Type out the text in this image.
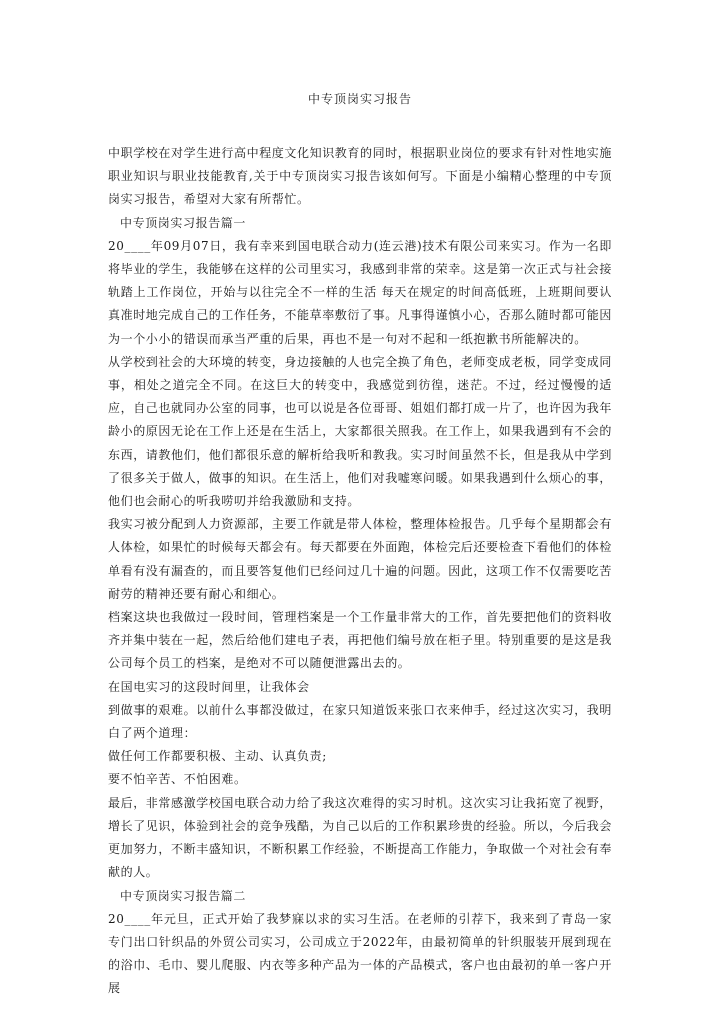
中专顶岗实习报告

中职学校在对学生进行高中程度文化知识教育的同时，根据职业岗位的要求有针对性地实施职业知识与职业技能教育,关于中专顶岗实习报告该如何写。下面是小编精心整理的中专顶岗实习报告，希望对大家有所帮忙。

中专顶岗实习报告篇一

20____年09月07日，我有幸来到国电联合动力(连云港)技术有限公司来实习。作为一名即将毕业的学生，我能够在这样的公司里实习，我感到非常的荣幸。这是第一次正式与社会接轨踏上工作岗位，开始与以往完全不一样的生活 每天在规定的时间高低班，上班期间要认真准时地完成自己的工作任务，不能草率敷衍了事。凡事得谨慎小心，否那么随时都可能因为一个小小的错误而承当严重的后果，再也不是一句对不起和一纸抱歉书所能解决的。

从学校到社会的大环境的转变，身边接触的人也完全换了角色，老师变成老板，同学变成同事，相处之道完全不同。在这巨大的转变中，我感觉到彷徨，迷茫。不过，经过慢慢的适应，自己也就同办公室的同事，也可以说是各位哥哥、姐姐们都打成一片了，也许因为我年龄小的原因无论在工作上还是在生活上，大家都很关照我。在工作上，如果我遇到有不会的东西，请教他们，他们都很乐意的解析给我听和教我。实习时间虽然不长，但是我从中学到了很多关于做人，做事的知识。在生活上，他们对我嘘寒问暖。如果我遇到什么烦心的事，他们也会耐心的听我唠叨并给我激励和支持。

我实习被分配到人力资源部，主要工作就是带人体检，整理体检报告。几乎每个星期都会有人体检，如果忙的时候每天都会有。每天都要在外面跑，体检完后还要检查下看他们的体检单看有没有漏查的，而且要答复他们已经问过几十遍的问题。因此，这项工作不仅需要吃苦耐劳的精神还要有耐心和细心。

档案这块也我做过一段时间，管理档案是一个工作量非常大的工作，首先要把他们的资料收齐并集中装在一起，然后给他们建电子表，再把他们编号放在柜子里。特别重要的是这是我公司每个员工的档案，是绝对不可以随便泄露出去的。

在国电实习的这段时间里，让我体会

到做事的艰难。以前什么事都没做过，在家只知道饭来张口衣来伸手，经过这次实习，我明白了两个道理：

做任何工作都要积极、主动、认真负责;

要不怕辛苦、不怕困难。

最后，非常感激学校国电联合动力给了我这次难得的实习时机。这次实习让我拓宽了视野，增长了见识，体验到社会的竞争残酷，为自己以后的工作积累珍贵的经验。所以，今后我会更加努力，不断丰盛知识，不断积累工作经验，不断提高工作能力，争取做一个对社会有奉献的人。

中专顶岗实习报告篇二

20____年元旦，正式开始了我梦寐以求的实习生活。在老师的引荐下，我来到了青岛一家专门出口针织品的外贸公司实习，公司成立于2022年，由最初简单的针织服装开展到现在的浴巾、毛巾、婴儿爬服、内衣等多种产品为一体的产品模式，客户也由最初的单一客户开展
